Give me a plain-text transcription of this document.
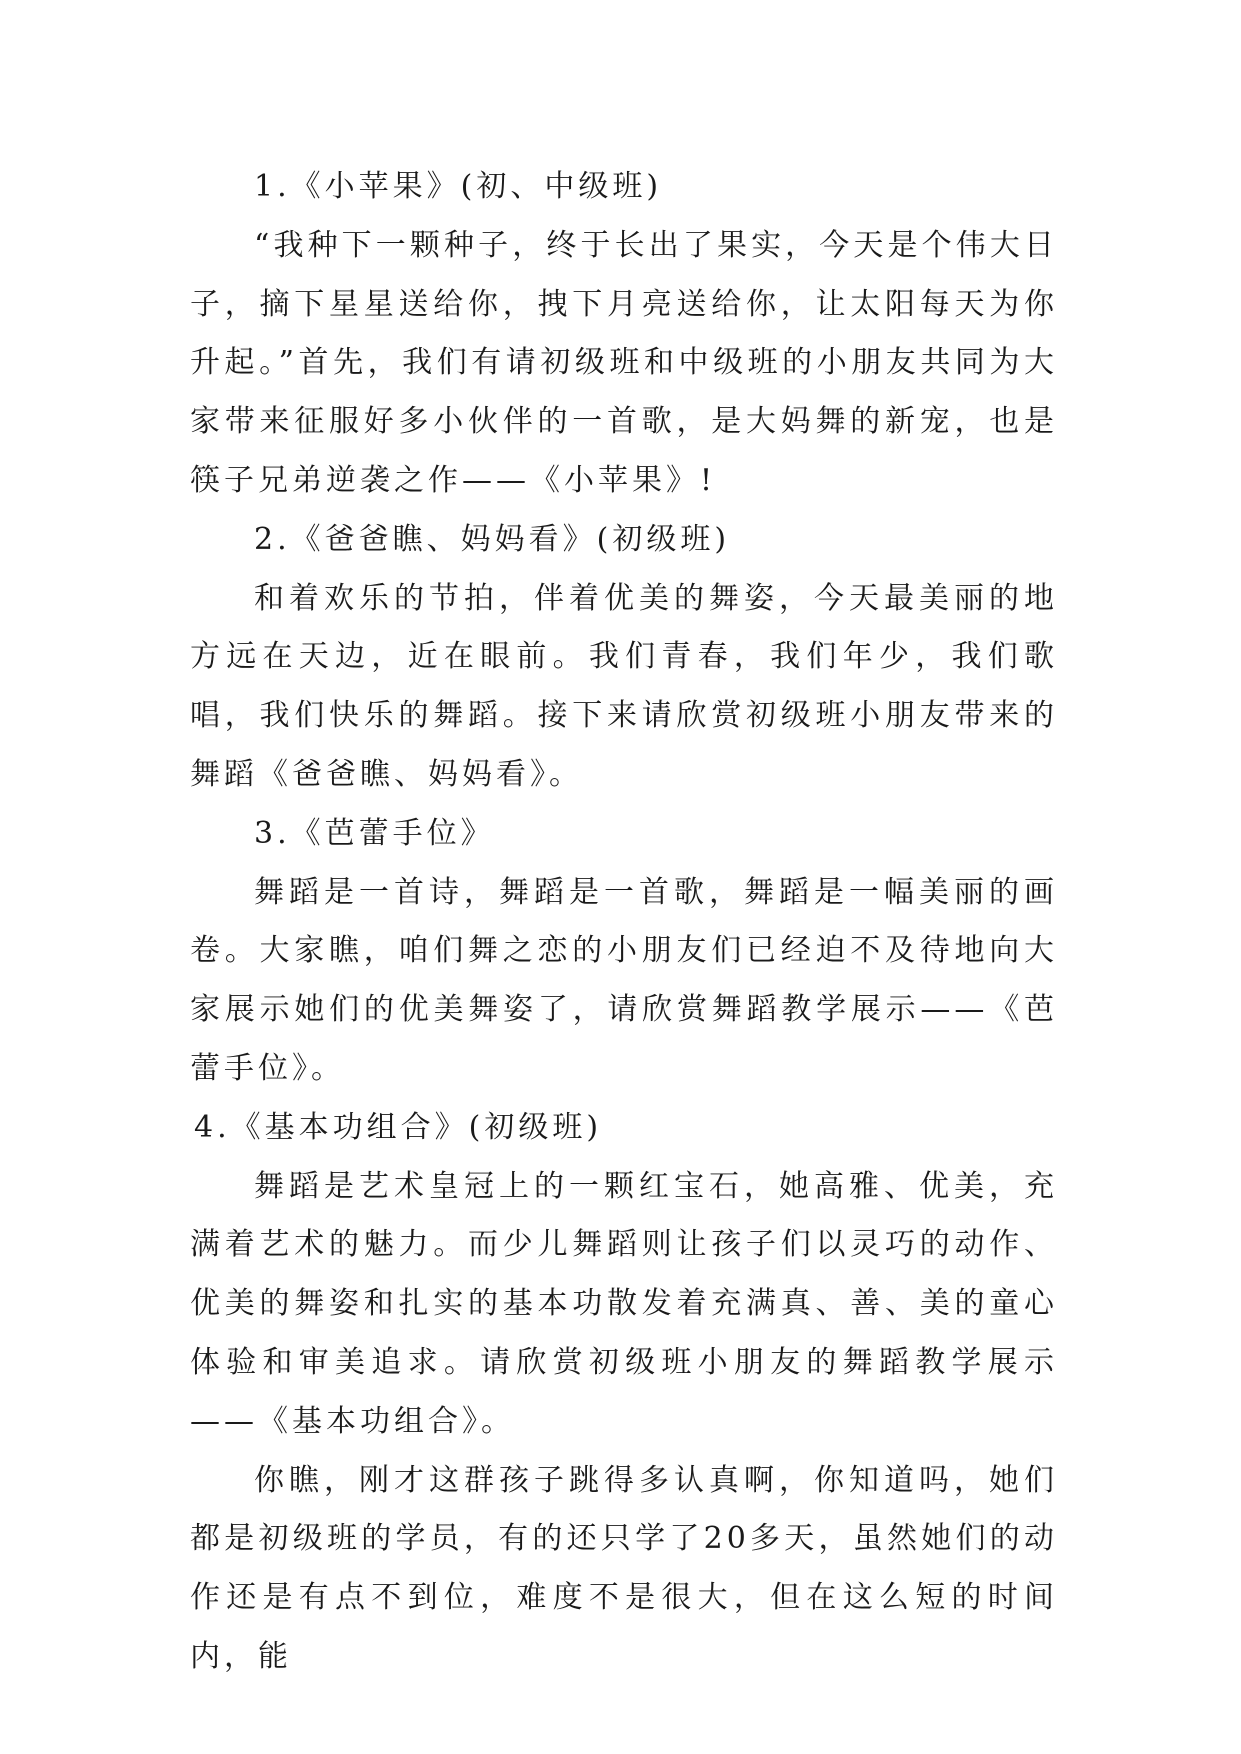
1.《小苹果》(初、中级班)

“我种下一颗种子，终于长出了果实，今天是个伟大日子，摘下星星送给你，拽下月亮送给你，让太阳每天为你升起。”首先，我们有请初级班和中级班的小朋友共同为大家带来征服好多小伙伴的一首歌，是大妈舞的新宠，也是筷子兄弟逆袭之作——《小苹果》!

2.《爸爸瞧、妈妈看》(初级班)

和着欢乐的节拍，伴着优美的舞姿，今天最美丽的地方远在天边，近在眼前。我们青春，我们年少，我们歌唱，我们快乐的舞蹈。接下来请欣赏初级班小朋友带来的舞蹈《爸爸瞧、妈妈看》。

3.《芭蕾手位》

舞蹈是一首诗，舞蹈是一首歌，舞蹈是一幅美丽的画卷。大家瞧，咱们舞之恋的小朋友们已经迫不及待地向大家展示她们的优美舞姿了，请欣赏舞蹈教学展示——《芭蕾手位》。

4.《基本功组合》(初级班)

舞蹈是艺术皇冠上的一颗红宝石，她高雅、优美，充满着艺术的魅力。而少儿舞蹈则让孩子们以灵巧的动作、优美的舞姿和扎实的基本功散发着充满真、善、美的童心体验和审美追求。请欣赏初级班小朋友的舞蹈教学展示——《基本功组合》。

你瞧，刚才这群孩子跳得多认真啊，你知道吗，她们都是初级班的学员，有的还只学了20多天，虽然她们的动作还是有点不到位，难度不是很大，但在这么短的时间内，能
